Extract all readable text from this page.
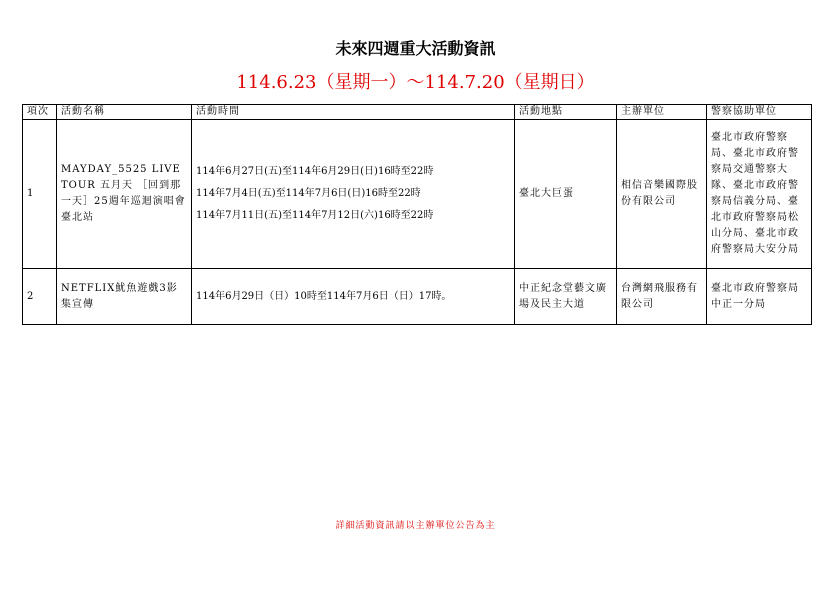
未來四週重大活動資訊
114.6.23（星期一）～114.7.20（星期日）
項次	活動名稱	活動時間	活動地點	主辦單位	警察協助單位
1	MAYDAY_5525 LIVE TOUR 五月天 ［回到那一天］25週年巡迴演唱會 臺北站	114年6月27日(五)至114年6月29日(日)16時至22時
114年7月4日(五)至114年7月6日(日)16時至22時
114年7月11日(五)至114年7月12日(六)16時至22時	臺北大巨蛋	相信音樂國際股份有限公司	臺北市政府警察局、臺北市政府警察局交通警察大隊、臺北市政府警察局信義分局、臺北市政府警察局松山分局、臺北市政府警察局大安分局
2	NETFLIX魷魚遊戲3影集宣傳	114年6月29日（日）10時至114年7月6日（日）17時。	中正紀念堂藝文廣場及民主大道	台灣網飛服務有限公司	臺北市政府警察局中正一分局
詳細活動資訊請以主辦單位公告為主
